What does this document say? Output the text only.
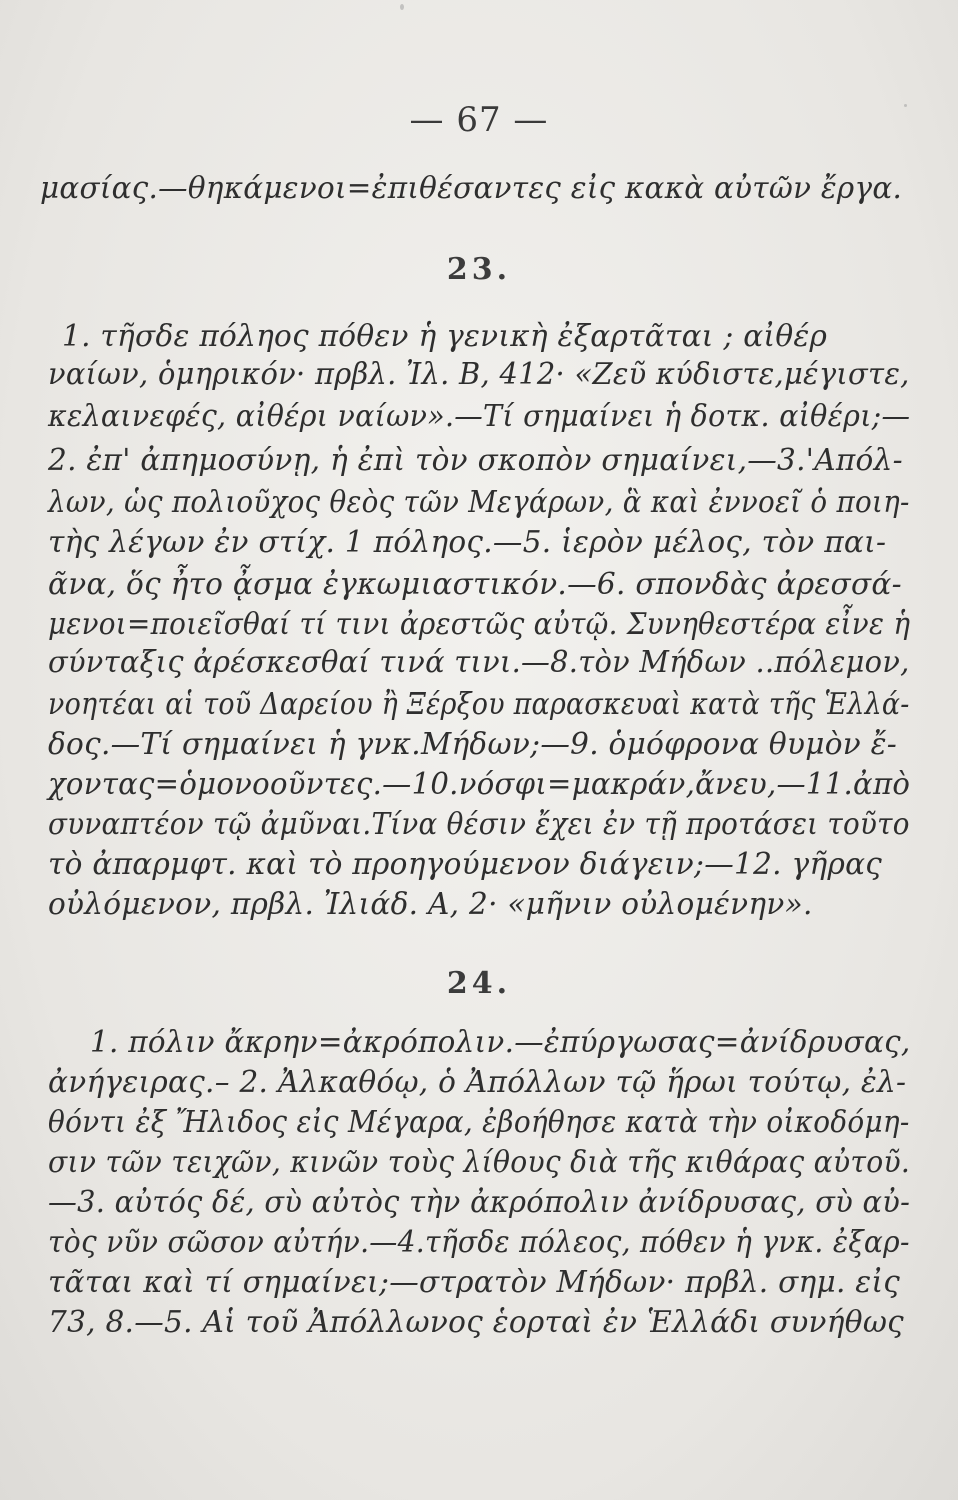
— 67 —
μασίας.—θηκάμενοι=ἐπιθέσαντες εἰς κακὰ αὐτῶν ἔργα.
23.
1. τῆσδε πόληος πόθεν ἡ γενικὴ ἐξαρτᾶται ; αἰθέρ
ναίων, ὁμηρικόν· πρβλ. Ἰλ. Β, 412· «Ζεῦ κύδιστε,μέγιστε,
κελαινεφές, αἰθέρι ναίων».—Τί σημαίνει ἡ δοτκ. αἰθέρι;—
2. ἐπ' ἀπημοσύνῃ, ἡ ἐπὶ τὸν σκοπὸν σημαίνει,—3.'Απόλ-
λων, ὡς πολιοῦχος θεὸς τῶν Μεγάρων, ἃ καὶ ἐννοεῖ ὁ ποιη-
τὴς λέγων ἐν στίχ. 1 πόληος.—5. ἱερὸν μέλος, τὸν παι-
ᾶνα, ὅς ἦτο ᾆσμα ἐγκωμιαστικόν.—6. σπονδὰς ἀρεσσά-
μενοι=ποιεῖσθαί τί τινι ἀρεστῶς αὐτῷ. Συνηθεστέρα εἶνε ἡ
σύνταξις ἀρέσκεσθαί τινά τινι.—8.τὸν Μήδων ..πόλεμον,
νοητέαι αἱ τοῦ Δαρείου ἢ Ξέρξου παρασκευαὶ κατὰ τῆς Ἑλλά-
δος.—Τί σημαίνει ἡ γνκ.Μήδων;—9. ὁμόφρονα θυμὸν ἔ-
χοντας=ὁμονοοῦντες.—10.νόσφι=μακράν,ἄνευ,—11.ἀπὸ
συναπτέον τῷ ἀμῦναι.Τίνα θέσιν ἔχει ἐν τῇ προτάσει τοῦτο
τὸ ἀπαρμφτ. καὶ τὸ προηγούμενον διάγειν;—12. γῆρας
οὐλόμενον, πρβλ. Ἰλιάδ. Α, 2· «μῆνιν οὐλομένην».
24.
1. πόλιν ἄκρην=ἀκρόπολιν.—ἐπύργωσας=ἀνίδρυσας,
ἀνήγειρας.– 2. Ἀλκαθόῳ, ὁ Ἀπόλλων τῷ ἥρωι τούτῳ, ἐλ-
θόντι ἐξ Ἤλιδος εἰς Μέγαρα, ἐβοήθησε κατὰ τὴν οἰκοδόμη-
σιν τῶν τειχῶν, κινῶν τοὺς λίθους διὰ τῆς κιθάρας αὐτοῦ.
—3. αὐτός δέ, σὺ αὐτὸς τὴν ἀκρόπολιν ἀνίδρυσας, σὺ αὐ-
τὸς νῦν σῶσον αὐτήν.—4.τῆσδε πόλεος, πόθεν ἡ γνκ. ἐξαρ-
τᾶται καὶ τί σημαίνει;—στρατὸν Μήδων· πρβλ. σημ. εἰς
73, 8.—5. Αἱ τοῦ Ἀπόλλωνος ἑορταὶ ἐν Ἑλλάδι συνήθως
